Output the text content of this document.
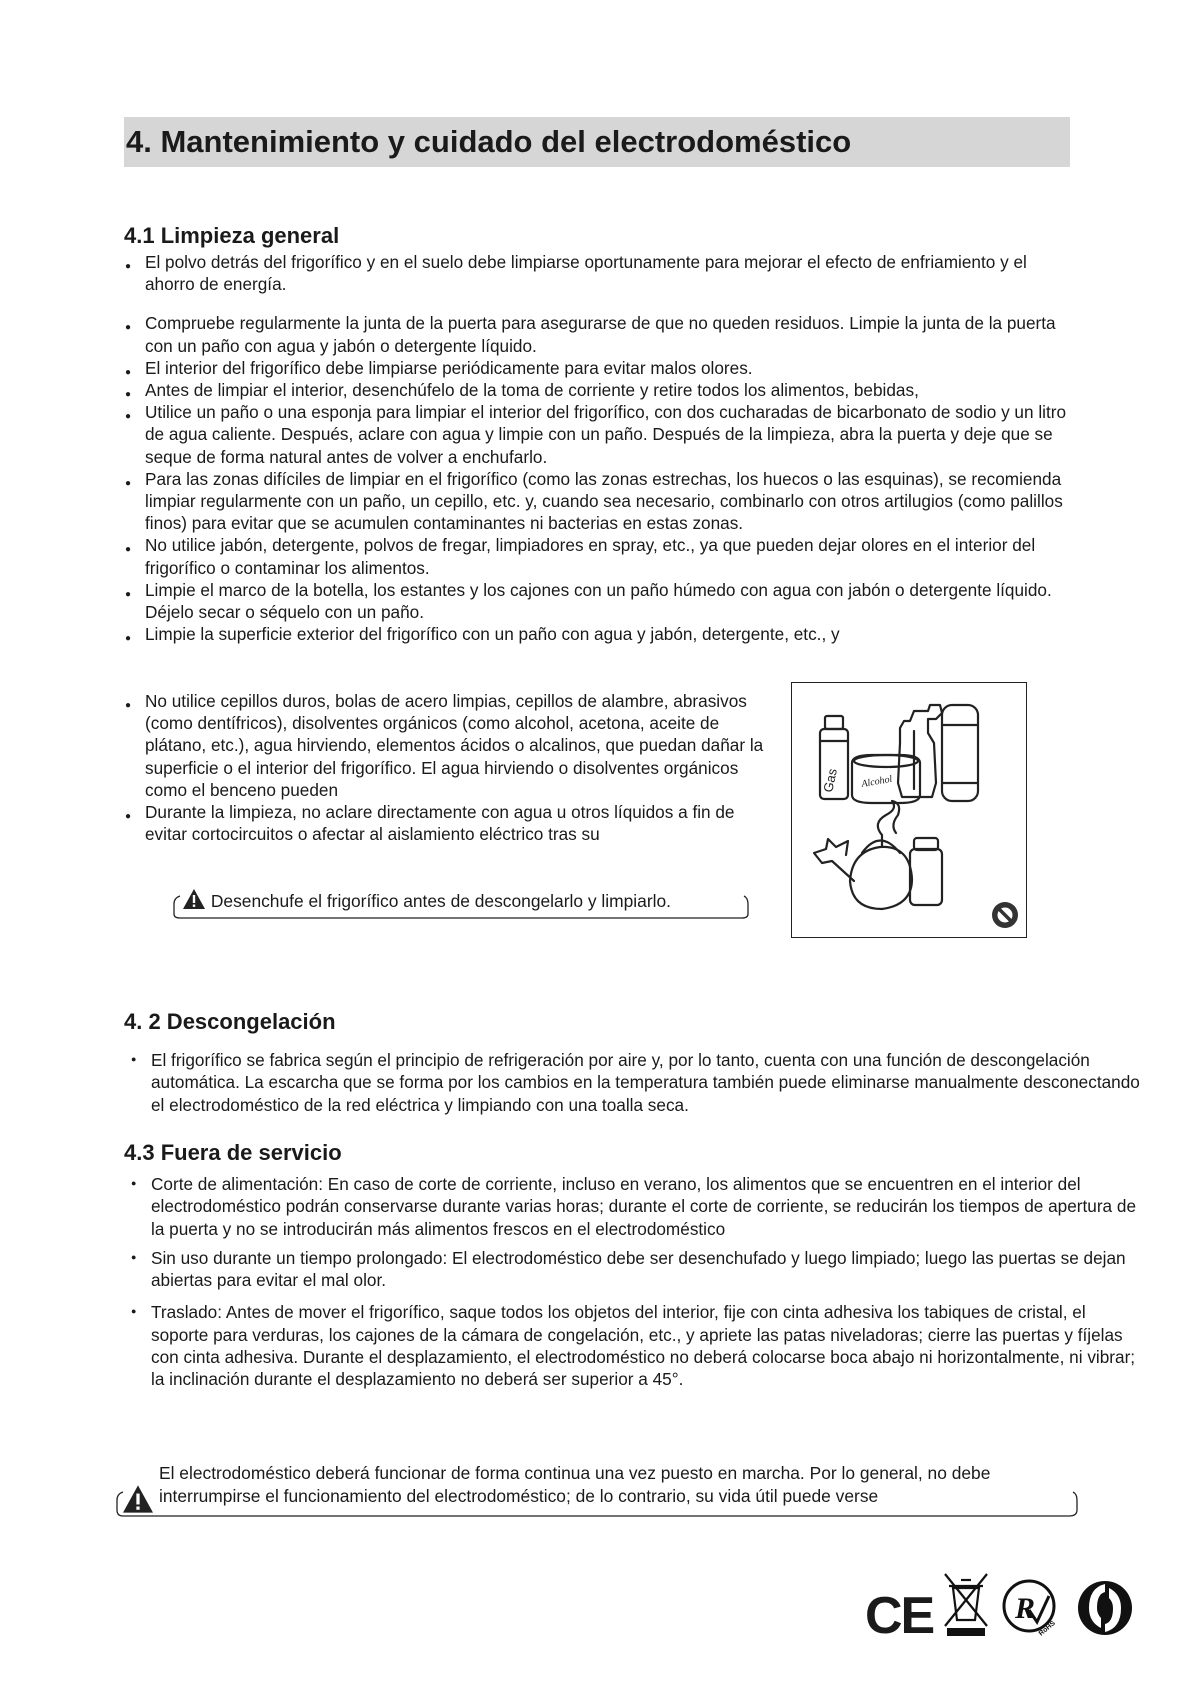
4. Mantenimiento y cuidado del electrodoméstico
4.1 Limpieza general
● El polvo detrás del frigorífico y en el suelo debe limpiarse oportunamente para mejorar el efecto de enfriamiento y el ahorro de energía.
● Compruebe regularmente la junta de la puerta para asegurarse de que no queden residuos. Limpie la junta de la puerta con un paño con agua y jabón o detergente líquido.
● El interior del frigorífico debe limpiarse periódicamente para evitar malos olores.
● Antes de limpiar el interior, desenchúfelo de la toma de corriente y retire todos los alimentos, bebidas,
● Utilice un paño o una esponja para limpiar el interior del frigorífico, con dos cucharadas de bicarbonato de sodio y un litro de agua caliente. Después, aclare con agua y limpie con un paño. Después de la limpieza, abra la puerta y deje que se seque de forma natural antes de volver a enchufarlo.
● Para las zonas difíciles de limpiar en el frigorífico (como las zonas estrechas, los huecos o las esquinas), se recomienda limpiar regularmente con un paño, un cepillo, etc. y, cuando sea necesario, combinarlo con otros artilugios (como palillos finos) para evitar que se acumulen contaminantes ni bacterias en estas zonas.
● No utilice jabón, detergente, polvos de fregar, limpiadores en spray, etc., ya que pueden dejar olores en el interior del frigorífico o contaminar los alimentos.
● Limpie el marco de la botella, los estantes y los cajones con un paño húmedo con agua con jabón o detergente líquido. Déjelo secar o séquelo con un paño.
● Limpie la superficie exterior del frigorífico con un paño con agua y jabón, detergente, etc., y
● No utilice cepillos duros, bolas de acero limpias, cepillos de alambre, abrasivos (como dentífricos), disolventes orgánicos (como alcohol, acetona, aceite de plátano, etc.), agua hirviendo, elementos ácidos o alcalinos, que puedan dañar la superficie o el interior del frigorífico. El agua hirviendo o disolventes orgánicos como el benceno pueden
● Durante la limpieza, no aclare directamente con agua u otros líquidos a fin de evitar cortocircuitos o afectar al aislamiento eléctrico tras su
Desenchufe el frigorífico antes de descongelarlo y limpiarlo.
Gas Alcohol
4. 2 Descongelación
● El frigorífico se fabrica según el principio de refrigeración por aire y, por lo tanto, cuenta con una función de descongelación automática. La escarcha que se forma por los cambios en la temperatura también puede eliminarse manualmente desconectando el electrodoméstico de la red eléctrica y limpiando con una toalla seca.
4.3 Fuera de servicio
● Corte de alimentación: En caso de corte de corriente, incluso en verano, los alimentos que se encuentren en el interior del electrodoméstico podrán conservarse durante varias horas; durante el corte de corriente, se reducirán los tiempos de apertura de la puerta y no se introducirán más alimentos frescos en el electrodoméstico
● Sin uso durante un tiempo prolongado: El electrodoméstico debe ser desenchufado y luego limpiado; luego las puertas se dejan abiertas para evitar el mal olor.
● Traslado: Antes de mover el frigorífico, saque todos los objetos del interior, fije con cinta adhesiva los tabiques de cristal, el soporte para verduras, los cajones de la cámara de congelación, etc., y apriete las patas niveladoras; cierre las puertas y fíjelas con cinta adhesiva. Durante el desplazamiento, el electrodoméstico no deberá colocarse boca abajo ni horizontalmente, ni vibrar;
la inclinación durante el desplazamiento no deberá ser superior a 45°.
El electrodoméstico deberá funcionar de forma continua una vez puesto en marcha. Por lo general, no debe interrumpirse el funcionamiento del electrodoméstico; de lo contrario, su vida útil puede verse
CE	R
RoHS
